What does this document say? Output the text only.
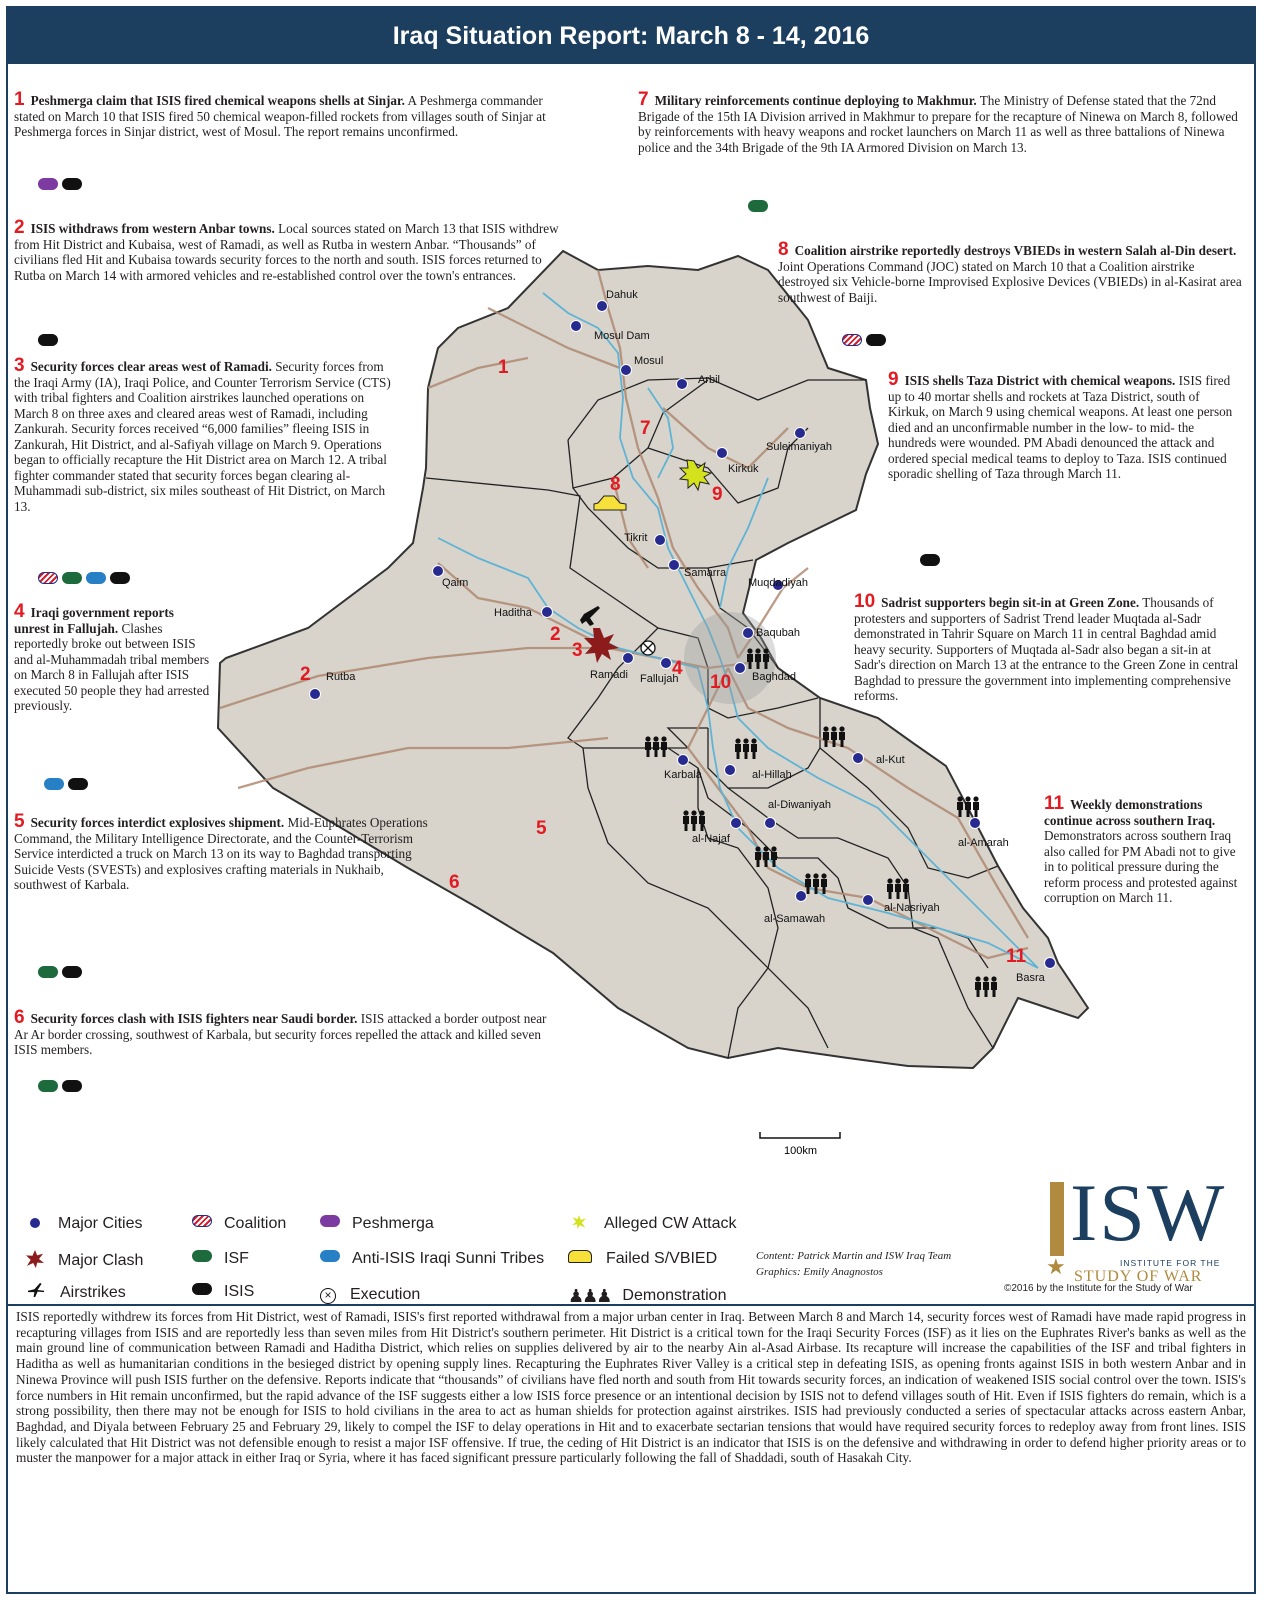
Iraq Situation Report: March 8 - 14, 2016
Dahuk
Mosul Dam
Mosul
Arbil
Suleimaniyah
Kirkuk
Tikrit
Samarra
Muqdadiyah
Baqubah
Baghdad
Qaim
Haditha
Ramadi Fallujah
Rutba
Karbala	al-Hillah
al-Kut
al-Najaf
al-Diwaniyah
al-Amarah
al-Samawah
al-Nasriyah
Basra
1
2
2
3
4
5
6
7
8	9
10
11
100km
1 Peshmerga claim that ISIS fired chemical weapons shells at Sinjar. A Peshmerga commander stated on March 10 that ISIS fired 50 chemical weapon-filled rockets from villages south of Sinjar at Peshmerga forces in Sinjar district, west of Mosul. The report remains unconfirmed.
2 ISIS withdraws from western Anbar towns. Local sources stated on March 13 that ISIS withdrew from Hit District and Kubaisa, west of Ramadi, as well as Rutba in western Anbar. “Thousands” of civilians fled Hit and Kubaisa towards security forces to the north and south. ISIS forces returned to Rutba on March 14 with armored vehicles and re-established control over the town's entrances.
3 Security forces clear areas west of Ramadi. Security forces from the Iraqi Army (IA), Iraqi Police, and Counter Terrorism Service (CTS) with tribal fighters and Coalition airstrikes launched operations on March 8 on three axes and cleared areas west of Ramadi, including Zankurah. Security forces received “6,000 families” fleeing ISIS in Zankurah, Hit District, and al-Safiyah village on March 9. Operations began to officially recapture the Hit District area on March 12. A tribal fighter commander stated that security forces began clearing al-Muhammadi sub-district, six miles southeast of Hit District, on March 13.
4 Iraqi government reports unrest in Fallujah. Clashes reportedly broke out between ISIS and al-Muhammadah tribal members on March 8 in Fallujah after ISIS executed 50 people they had arrested previously.
5 Security forces interdict explosives shipment. Mid-Euphrates Operations Command, the Military Intelligence Directorate, and the Counter-Terrorism Service interdicted a truck on March 13 on its way to Baghdad transporting Suicide Vests (SVESTs) and explosives crafting materials in Nukhaib, southwest of Karbala.
6 Security forces clash with ISIS fighters near Saudi border. ISIS attacked a border outpost near Ar Ar border crossing, southwest of Karbala, but security forces repelled the attack and killed seven ISIS members.
7 Military reinforcements continue deploying to Makhmur. The Ministry of Defense stated that the 72nd Brigade of the 15th IA Division arrived in Makhmur to prepare for the recapture of Ninewa on March 8, followed by reinforcements with heavy weapons and rocket launchers on March 11 as well as three battalions of Ninewa police and the 34th Brigade of the 9th IA Armored Division on March 13.
8 Coalition airstrike reportedly destroys VBIEDs in western Salah al-Din desert. Joint Operations Command (JOC) stated on March 10 that a Coalition airstrike destroyed six Vehicle-borne Improvised Explosive Devices (VBIEDs) in al-Kasirat area southwest of Baiji.
9 ISIS shells Taza District with chemical weapons. ISIS fired up to 40 mortar shells and rockets at Taza District, south of Kirkuk, on March 9 using chemical weapons. At least one person died and an unconfirmable number in the low- to mid- the hundreds were wounded. PM Abadi denounced the attack and ordered special medical teams to deploy to Taza. ISIS continued sporadic shelling of Taza through March 11.
10 Sadrist supporters begin sit-in at Green Zone. Thousands of protesters and supporters of Sadrist Trend leader Muqtada al-Sadr demonstrated in Tahrir Square on March 11 in central Baghdad amid heavy security. Supporters of Muqtada al-Sadr also began a sit-in at Sadr's direction on March 13 at the entrance to the Green Zone in central Baghdad to pressure the government into implementing comprehensive reforms.
11 Weekly demonstrations continue across southern Iraq. Demonstrators across southern Iraq also called for PM Abadi not to give in to political pressure during the reform process and protested against corruption on March 11.
Major Cities	Coalition	Peshmerga	Alleged CW Attack
Major Clash	ISF	Anti-ISIS Iraqi Sunni Tribes	Failed S/VBIED
Airstrikes	ISIS	× Execution	♟♟♟ Demonstration
ISW
★	INSTITUTE FOR THE
STUDY OF WAR
Content: Patrick Martin and ISW Iraq Team
Graphics: Emily Anagnostos
©2016 by the Institute for the Study of War
ISIS reportedly withdrew its forces from Hit District, west of Ramadi, ISIS's first reported withdrawal from a major urban center in Iraq. Between March 8 and March 14, security forces west of Ramadi have made rapid progress in recapturing villages from ISIS and are reportedly less than seven miles from Hit District's southern perimeter. Hit District is a critical town for the Iraqi Security Forces (ISF) as it lies on the Euphrates River's banks as well as the main ground line of communication between Ramadi and Haditha District, which relies on supplies delivered by air to the nearby Ain al-Asad Airbase. Its recapture will increase the capabilities of the ISF and tribal fighters in Haditha as well as humanitarian conditions in the besieged district by opening supply lines. Recapturing the Euphrates River Valley is a critical step in defeating ISIS, as opening fronts against ISIS in both western Anbar and in Ninewa Province will push ISIS further on the defensive. Reports indicate that “thousands” of civilians have fled north and south from Hit towards security forces, an indication of weakened ISIS social control over the town. ISIS's force numbers in Hit remain unconfirmed, but the rapid advance of the ISF suggests either a low ISIS force presence or an intentional decision by ISIS not to defend villages south of Hit. Even if ISIS fighters do remain, which is a strong possibility, then there may not be enough for ISIS to hold civilians in the area to act as human shields for protection against airstrikes. ISIS had previously conducted a series of spectacular attacks across eastern Anbar, Baghdad, and Diyala between February 25 and February 29, likely to compel the ISF to delay operations in Hit and to exacerbate sectarian tensions that would have required security forces to redeploy away from front lines. ISIS likely calculated that Hit District was not defensible enough to resist a major ISF offensive. If true, the ceding of Hit District is an indicator that ISIS is on the defensive and withdrawing in order to defend higher priority areas or to muster the manpower for a major attack in either Iraq or Syria, where it has faced significant pressure particularly following the fall of Shaddadi, south of Hasakah City.
